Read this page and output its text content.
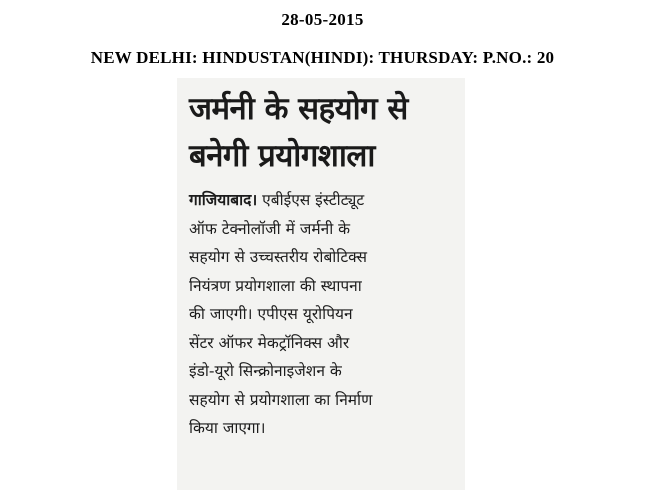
28-05-2015
NEW DELHI: HINDUSTAN(HINDI): THURSDAY: P.NO.: 20
जर्मनी के सहयोग से
बनेगी प्रयोगशाला
गाजियाबाद। एबीईएस इंस्टीट्यूट
ऑफ टेक्नोलॉजी में जर्मनी के
सहयोग से उच्चस्तरीय रोबोटिक्स
नियंत्रण प्रयोगशाला की स्थापना
की जाएगी। एपीएस यूरोपियन
सेंटर ऑफर मेकट्रॉनिक्स और
इंडो-यूरो सिन्क्रोनाइजेशन के
सहयोग से प्रयोगशाला का निर्माण
किया जाएगा।
